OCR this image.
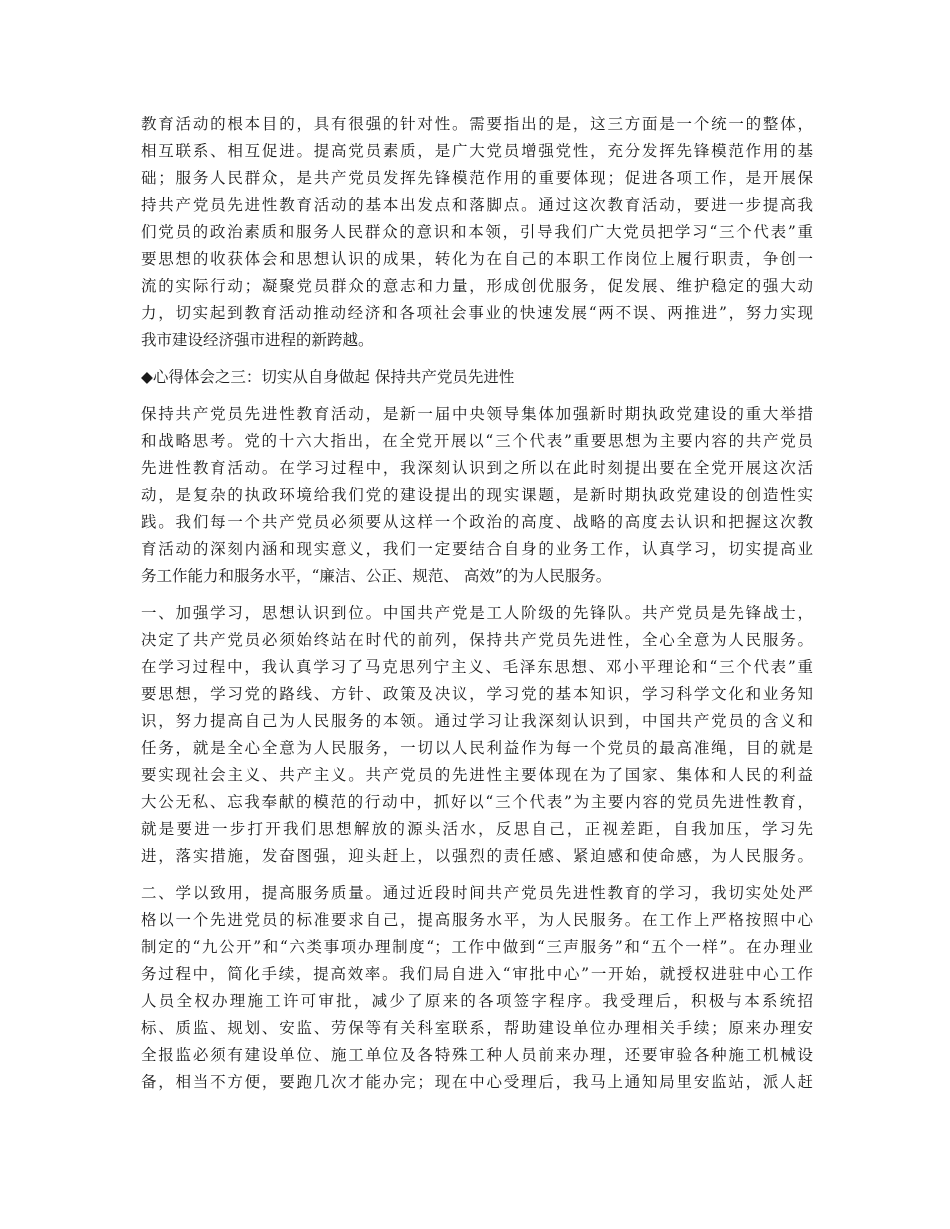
教育活动的根本目的，具有很强的针对性。需要指出的是，这三方面是一个统一的整体，
相互联系、相互促进。提高党员素质，是广大党员增强党性，充分发挥先锋模范作用的基
础；服务人民群众，是共产党员发挥先锋模范作用的重要体现；促进各项工作，是开展保
持共产党员先进性教育活动的基本出发点和落脚点。通过这次教育活动，要进一步提高我
们党员的政治素质和服务人民群众的意识和本领，引导我们广大党员把学习“三个代表”重
要思想的收获体会和思想认识的成果，转化为在自己的本职工作岗位上履行职责，争创一
流的实际行动；凝聚党员群众的意志和力量，形成创优服务，促发展、维护稳定的强大动
力，切实起到教育活动推动经济和各项社会事业的快速发展“两不误、两推进”，努力实现
我市建设经济强市进程的新跨越。
◆心得体会之三：切实从自身做起 保持共产党员先进性
保持共产党员先进性教育活动，是新一届中央领导集体加强新时期执政党建设的重大举措
和战略思考。党的十六大指出，在全党开展以“三个代表”重要思想为主要内容的共产党员
先进性教育活动。在学习过程中，我深刻认识到之所以在此时刻提出要在全党开展这次活
动，是复杂的执政环境给我们党的建设提出的现实课题，是新时期执政党建设的创造性实
践。我们每一个共产党员必须要从这样一个政治的高度、战略的高度去认识和把握这次教
育活动的深刻内涵和现实意义，我们一定要结合自身的业务工作，认真学习，切实提高业
务工作能力和服务水平，“廉洁、公正、规范、 高效”的为人民服务。
一、加强学习，思想认识到位。中国共产党是工人阶级的先锋队。共产党员是先锋战士，
决定了共产党员必须始终站在时代的前列，保持共产党员先进性，全心全意为人民服务。
在学习过程中，我认真学习了马克思列宁主义、毛泽东思想、邓小平理论和“三个代表”重
要思想，学习党的路线、方针、政策及决议，学习党的基本知识，学习科学文化和业务知
识，努力提高自己为人民服务的本领。通过学习让我深刻认识到，中国共产党员的含义和
任务，就是全心全意为人民服务，一切以人民利益作为每一个党员的最高准绳，目的就是
要实现社会主义、共产主义。共产党员的先进性主要体现在为了国家、集体和人民的利益
大公无私、忘我奉献的模范的行动中，抓好以“三个代表”为主要内容的党员先进性教育，
就是要进一步打开我们思想解放的源头活水，反思自己，正视差距，自我加压，学习先
进，落实措施，发奋图强，迎头赶上，以强烈的责任感、紧迫感和使命感，为人民服务。
二、学以致用，提高服务质量。通过近段时间共产党员先进性教育的学习，我切实处处严
格以一个先进党员的标准要求自己，提高服务水平，为人民服务。在工作上严格按照中心
制定的“九公开”和“六类事项办理制度“；工作中做到“三声服务”和“五个一样”。在办理业
务过程中，简化手续，提高效率。我们局自进入“审批中心”一开始，就授权进驻中心工作
人员全权办理施工许可审批，减少了原来的各项签字程序。我受理后，积极与本系统招
标、质监、规划、安监、劳保等有关科室联系，帮助建设单位办理相关手续；原来办理安
全报监必须有建设单位、施工单位及各特殊工种人员前来办理，还要审验各种施工机械设
备，相当不方便，要跑几次才能办完；现在中心受理后，我马上通知局里安监站，派人赶
